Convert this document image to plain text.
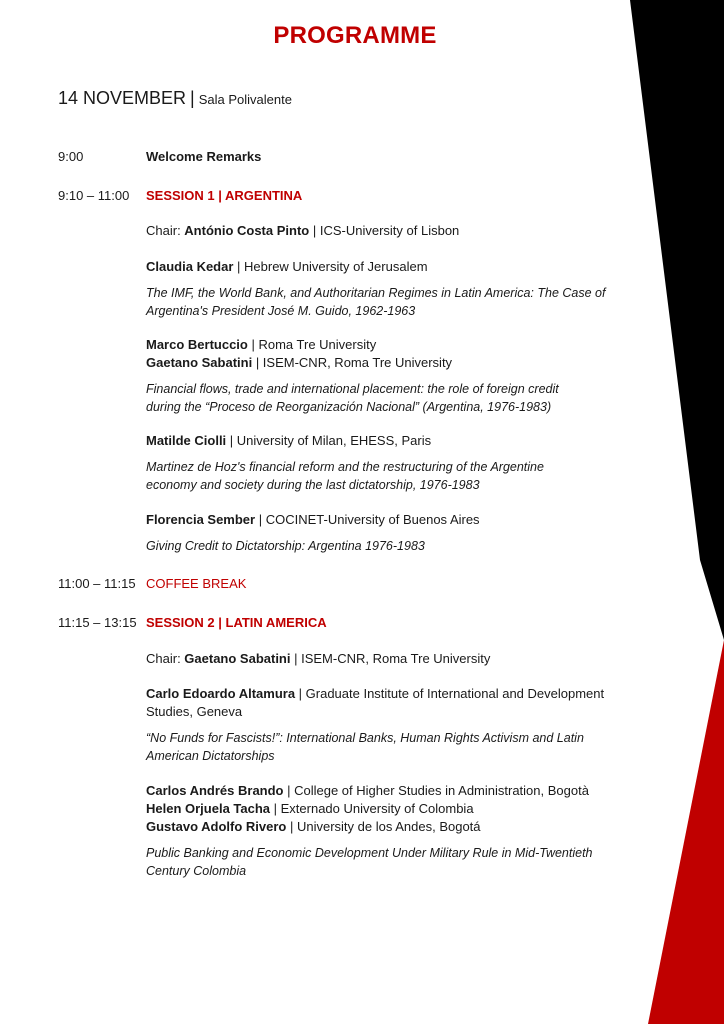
PROGRAMME
14 NOVEMBER | Sala Polivalente
9:00	Welcome Remarks
9:10 – 11:00 SESSION 1 | ARGENTINA
Chair: António Costa Pinto | ICS-University of Lisbon
Claudia Kedar | Hebrew University of Jerusalem
The IMF, the World Bank, and Authoritarian Regimes in Latin America: The Case of
Argentina's President José M. Guido, 1962-1963
Marco Bertuccio | Roma Tre University
Gaetano Sabatini | ISEM-CNR, Roma Tre University
Financial flows, trade and international placement: the role of foreign credit
during the “Proceso de Reorganización Nacional” (Argentina, 1976-1983)
Matilde Ciolli | University of Milan, EHESS, Paris
Martinez de Hoz's financial reform and the restructuring of the Argentine
economy and society during the last dictatorship, 1976-1983
Florencia Sember | COCINET-University of Buenos Aires
Giving Credit to Dictatorship: Argentina 1976-1983
11:00 – 11:15 COFFEE BREAK
11:15 – 13:15 SESSION 2 | LATIN AMERICA
Chair: Gaetano Sabatini | ISEM-CNR, Roma Tre University
Carlo Edoardo Altamura | Graduate Institute of International and Development
Studies, Geneva
“No Funds for Fascists!”: International Banks, Human Rights Activism and Latin
American Dictatorships
Carlos Andrés Brando | College of Higher Studies in Administration, Bogotà
Helen Orjuela Tacha | Externado University of Colombia
Gustavo Adolfo Rivero | University de los Andes, Bogotá
Public Banking and Economic Development Under Military Rule in Mid-Twentieth
Century Colombia
